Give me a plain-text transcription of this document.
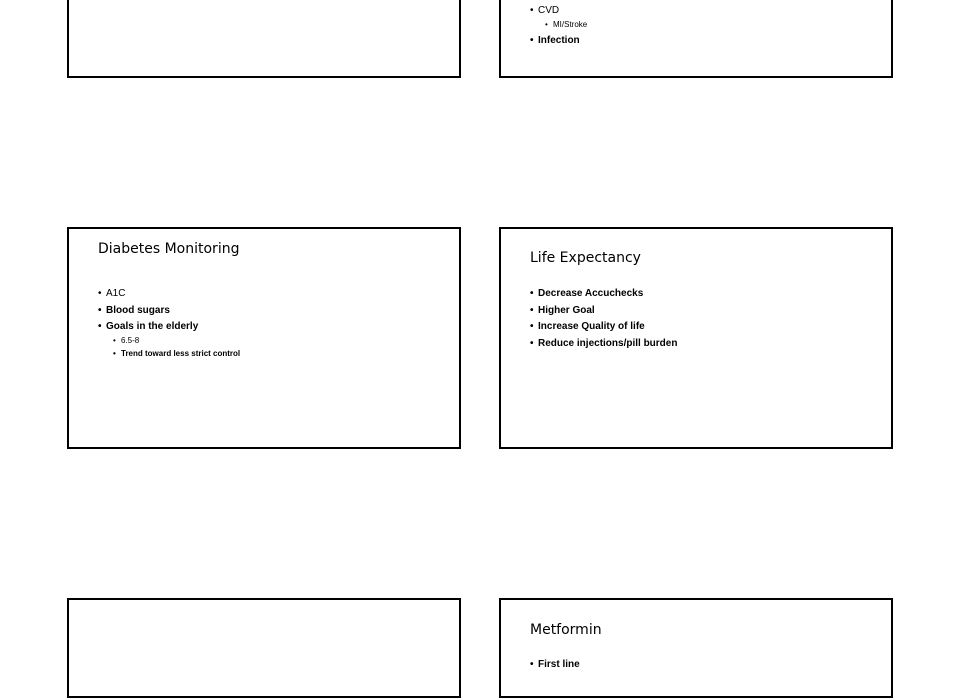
• CVD
• MI/Stroke
• Infection
Diabetes Monitoring
• A1C
• Blood sugars
• Goals in the elderly
• 6.5-8
• Trend toward less strict control
Life Expectancy
• Decrease Accuchecks
• Higher Goal
• Increase Quality of life
• Reduce injections/pill burden
Metformin
• First line
